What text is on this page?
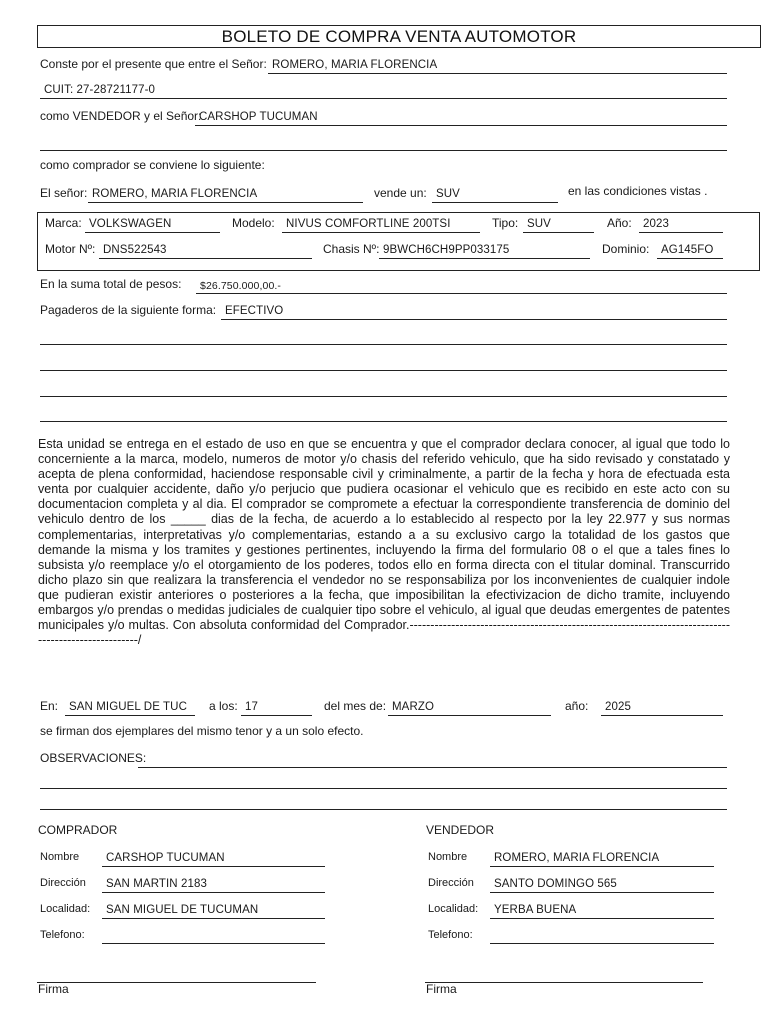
BOLETO DE COMPRA VENTA AUTOMOTOR
Conste por el presente que entre el Señor: ROMERO, MARIA FLORENCIA
CUIT: 27-28721177-0
como VENDEDOR y el Señor:
CARSHOP TUCUMAN
como comprador se conviene lo siguiente:
El señor: ROMERO, MARIA FLORENCIA	vende un: SUV	en las condiciones vistas .
Marca: VOLKSWAGEN	Modelo: NIVUS COMFORTLINE 200TSI	Tipo: SUV	Año: 2023
Motor Nº: DNS522543	Chasis Nº: 9BWCH6CH9PP033175	Dominio: AG145FO
En la suma total de pesos: $26.750.000,00.-
Pagaderos de la siguiente forma: EFECTIVO
Esta unidad se entrega en el estado de uso en que se encuentra y que el comprador declara conocer, al igual que todo lo concerniente a la marca, modelo, numeros de motor y/o chasis del referido vehiculo, que ha sido revisado y constatado y acepta de plena conformidad, haciendose responsable civil y criminalmente, a partir de la fecha y hora de efectuada esta venta por cualquier accidente, daño y/o perjucio que pudiera ocasionar el vehiculo que es recibido en este acto con su documentacion completa y al dia. El comprador se compromete a efectuar la correspondiente transferencia de dominio del vehiculo dentro de los _____ dias de la fecha, de acuerdo a lo establecido al respecto por la ley 22.977 y sus normas complementarias, interpretativas y/o complementarias, estando a a su exclusivo cargo la totalidad de los gastos que demande la misma y los tramites y gestiones pertinentes, incluyendo la firma del formulario 08 o el que a tales fines lo subsista y/o reemplace y/o el otorgamiento de los poderes, todos ello en forma directa con el titular dominal. Transcurrido dicho plazo sin que realizara la transferencia el vendedor no se responsabiliza por los inconvenientes de cualquier indole que pudieran existir anteriores o posteriores a la fecha, que imposibilitan la efectivizacion de dicho tramite, incluyendo embargos y/o prendas o medidas judiciales de cualquier tipo sobre el vehiculo, al igual que deudas emergentes de patentes municipales y/o multas. Con absoluta conformidad del Comprador.-----------------------------------------------------------------------------------------------------/
En: SAN MIGUEL DE TUC a los: 17	del mes de: MARZO	año: 2025
se firman dos ejemplares del mismo tenor y a un solo efecto.
OBSERVACIONES:
COMPRADOR
Nombre CARSHOP TUCUMAN
Dirección SAN MARTIN 2183
Localidad: SAN MIGUEL DE TUCUMAN
Telefono:
Firma
VENDEDOR
Nombre ROMERO, MARIA FLORENCIA
Dirección SANTO DOMINGO 565
Localidad: YERBA BUENA
Telefono:
Firma
